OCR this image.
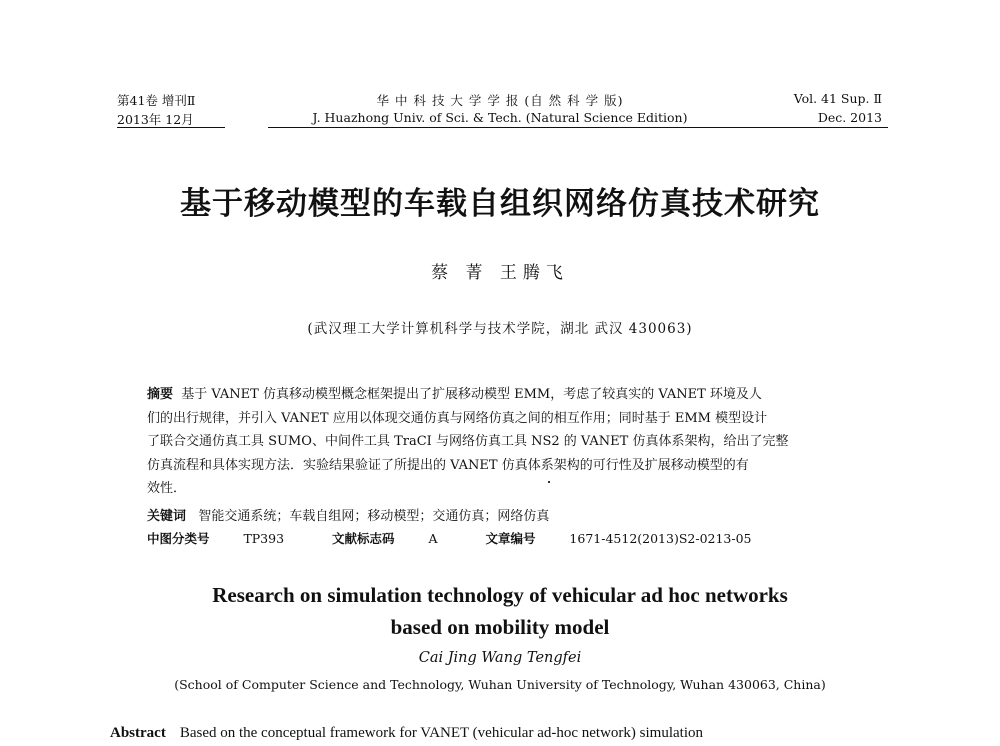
第41卷 增刊Ⅱ
2013年 12月
华 中 科 技 大 学 学 报 (自 然 科 学 版)
J. Huazhong Univ. of Sci. & Tech. (Natural Science Edition)
Vol. 41 Sup. Ⅱ
Dec. 2013
基于移动模型的车载自组织网络仿真技术研究
蔡 菁 王腾飞
(武汉理工大学计算机科学与技术学院，湖北 武汉 430063)
摘要 基于 VANET 仿真移动模型概念框架提出了扩展移动模型 EMM，考虑了较真实的 VANET 环境及人
们的出行规律，并引入 VANET 应用以体现交通仿真与网络仿真之间的相互作用；同时基于 EMM 模型设计
了联合交通仿真工具 SUMO、中间件工具 TraCI 与网络仿真工具 NS2 的 VANET 仿真体系架构，给出了完整
仿真流程和具体实现方法．实验结果验证了所提出的 VANET 仿真体系架构的可行性及扩展移动模型的有
效性．
关键词 智能交通系统；车载自组网；移动模型；交通仿真；网络仿真
中图分类号	TP393	文献标志码	A	文章编号	1671-4512(2013)S2-0213-05
Research on simulation technology of vehicular ad hoc networks
based on mobility model
Cai Jing Wang Tengfei
(School of Computer Science and Technology, Wuhan University of Technology, Wuhan 430063, China)
Abstract Based on the conceptual framework for VANET (vehicular ad-hoc network) simulation
